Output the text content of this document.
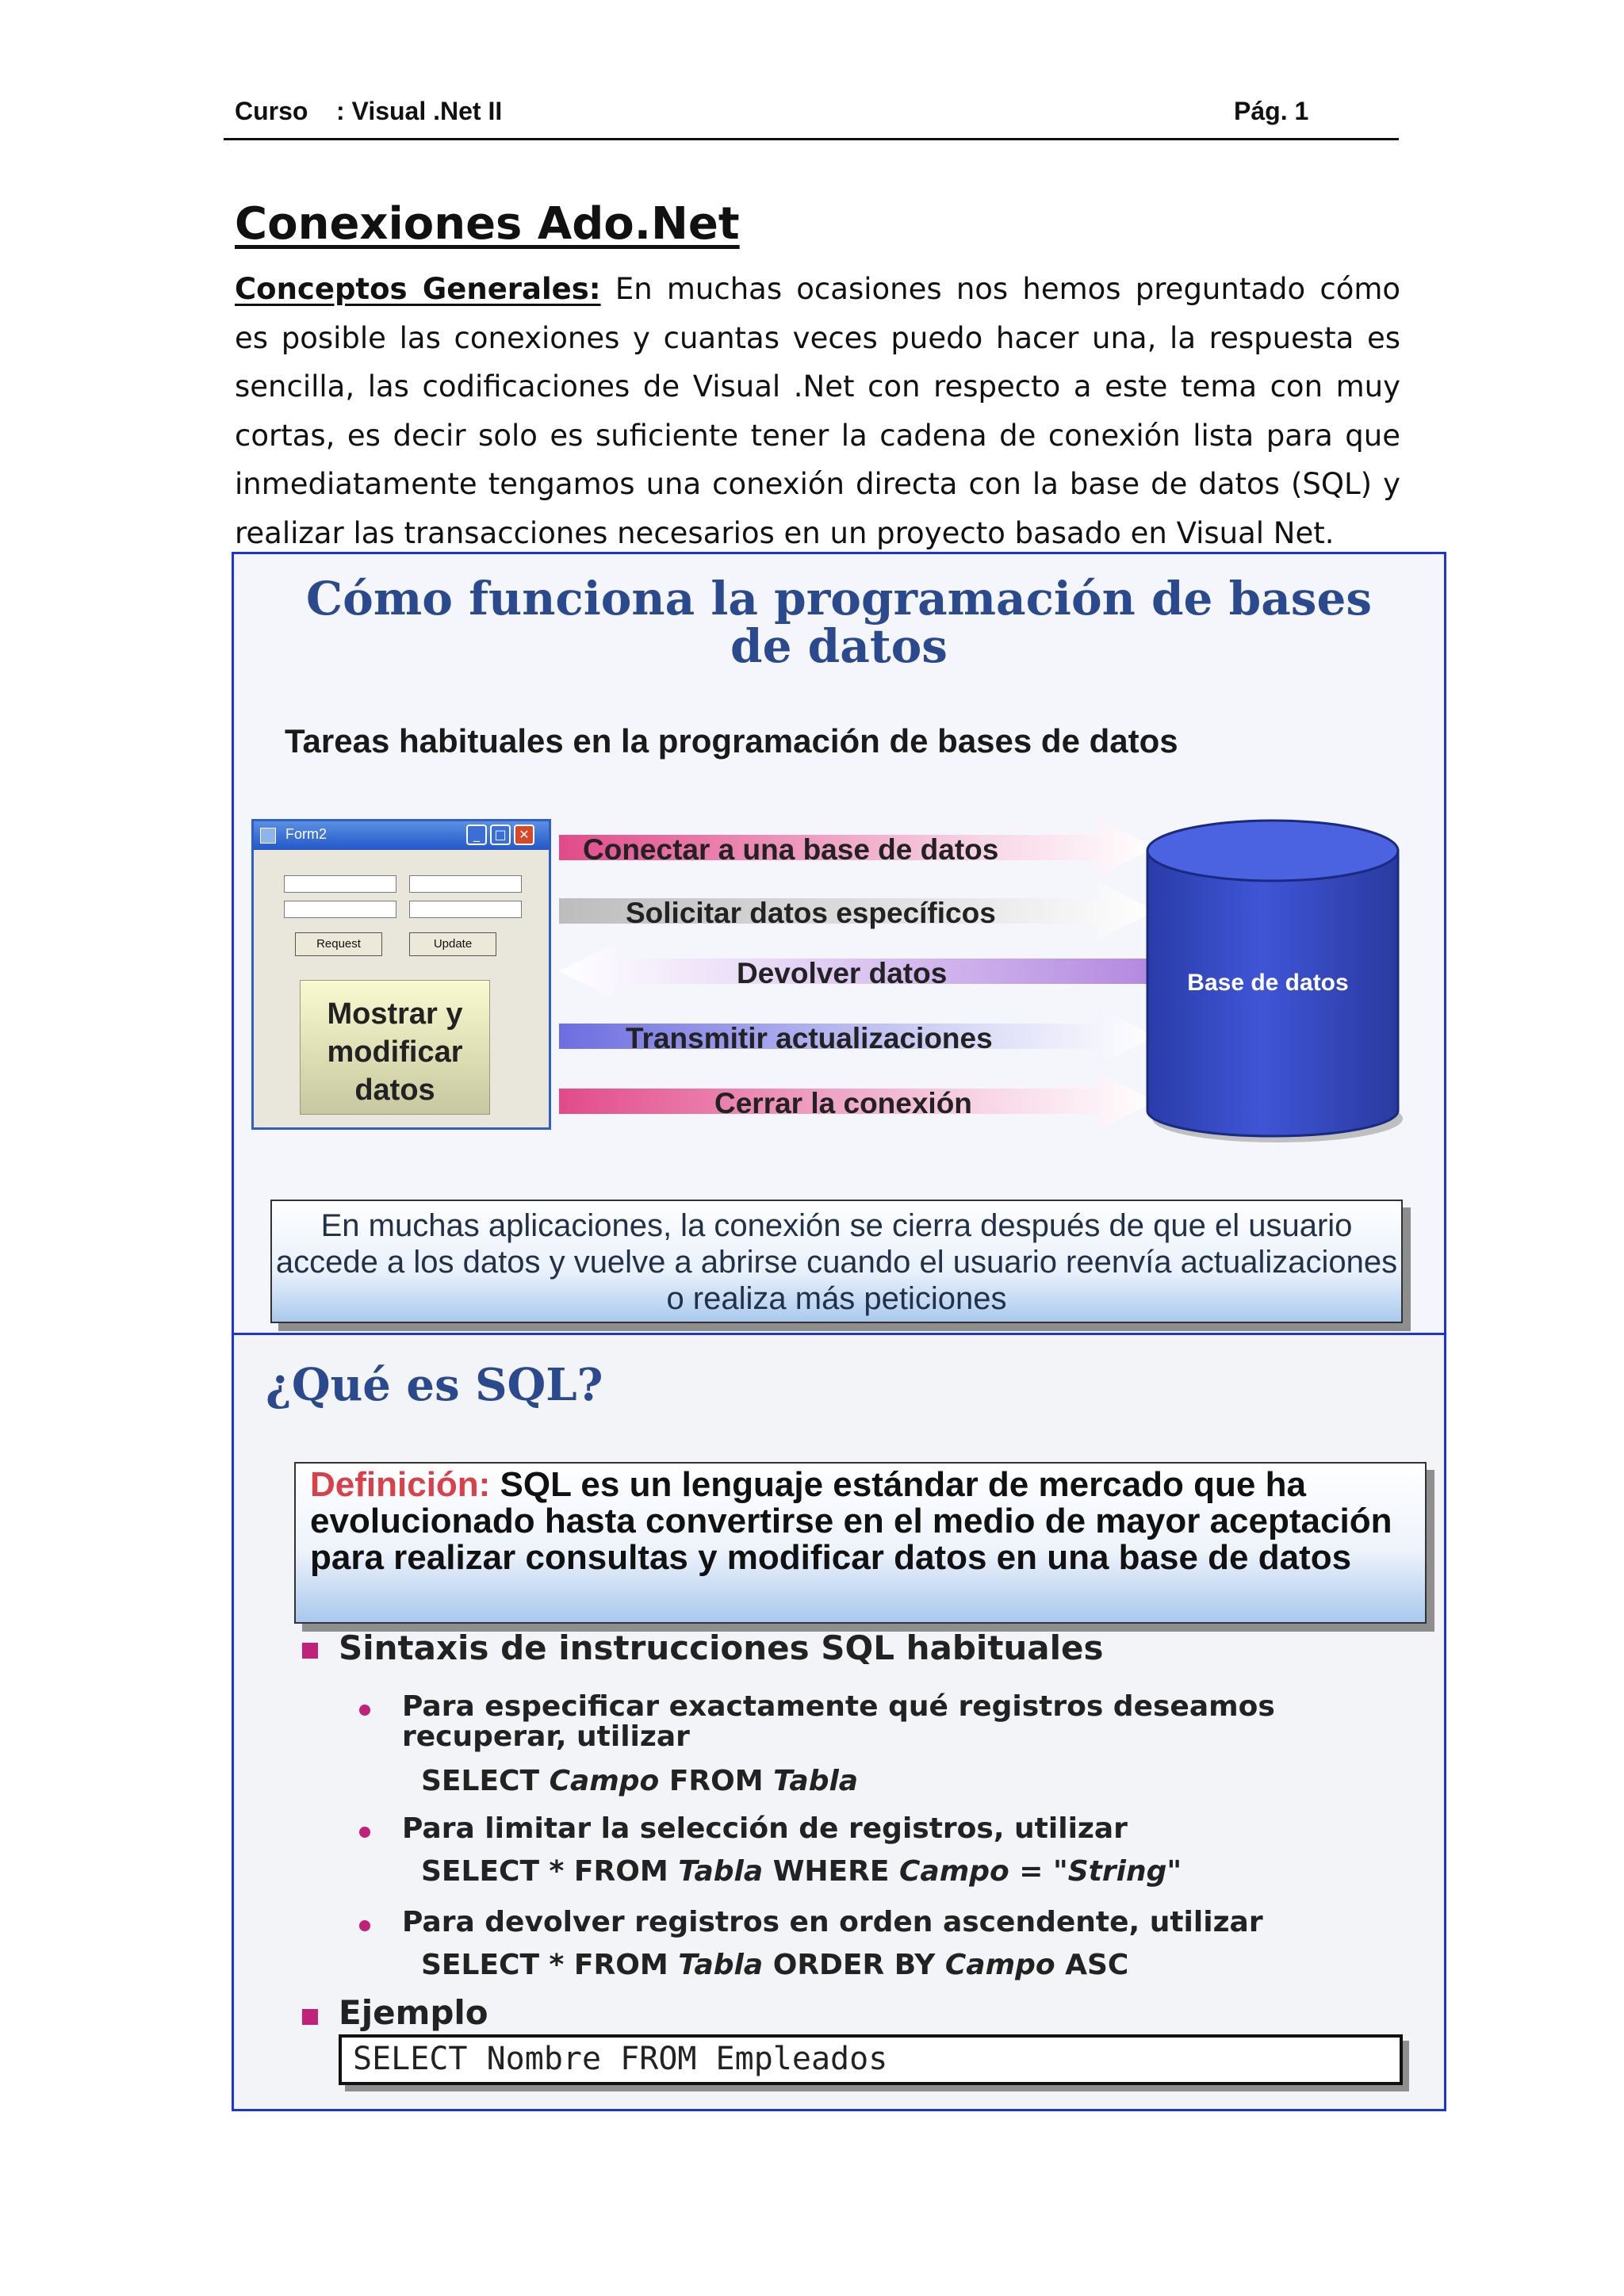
Curso : Visual .Net II	Pág. 1
Conexiones Ado.Net
Conceptos Generales: En muchas ocasiones nos hemos preguntado cómo es posible las conexiones y cuantas veces puedo hacer una, la respuesta es sencilla, las codificaciones de Visual .Net con respecto a este tema con muy cortas, es decir solo es suficiente tener la cadena de conexión lista para que inmediatamente tengamos una conexión directa con la base de datos (SQL) y realizar las transacciones necesarios en un proyecto basado en Visual Net.
Cómo funciona la programación de bases
de datos
Tareas habituales en la programación de bases de datos
Form2	_	□ ✕
Request	Update
Mostrar y modificar datos
Conectar a una base de datos
Solicitar datos específicos
Devolver datos
Transmitir actualizaciones
Cerrar la conexión
Base de datos
En muchas aplicaciones, la conexión se cierra después de que el usuario accede a los datos y vuelve a abrirse cuando el usuario reenvía actualizaciones o realiza más peticiones
¿Qué es SQL?
Definición: SQL es un lenguaje estándar de mercado que ha evolucionado hasta convertirse en el medio de mayor aceptación para realizar consultas y modificar datos en una base de datos
Sintaxis de instrucciones SQL habituales
Para especificar exactamente qué registros deseamos recuperar, utilizar
SELECT Campo FROM Tabla
Para limitar la selección de registros, utilizar
SELECT * FROM Tabla WHERE Campo = "String"
Para devolver registros en orden ascendente, utilizar
SELECT * FROM Tabla ORDER BY Campo ASC
Ejemplo
SELECT Nombre FROM Empleados
